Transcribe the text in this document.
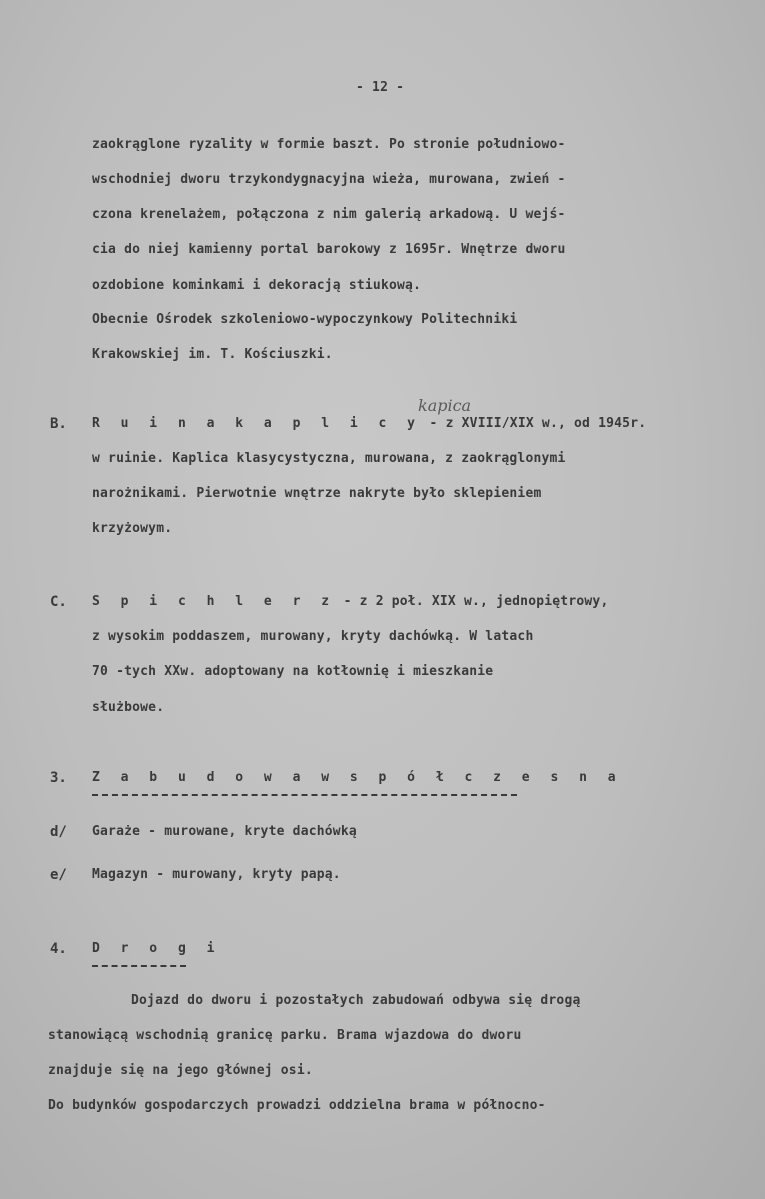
- 12 -
zaokrąglone ryzality w formie baszt. Po stronie południowo-
wschodniej dworu trzykondygnacyjna wieża, murowana, zwień -
czona krenelażem, połączona z nim galerią arkadową. U wejś-
cia do niej kamienny portal barokowy z 1695r. Wnętrze dworu
ozdobione kominkami i dekoracją stiukową.
Obecnie Ośrodek szkoleniowo-wypoczynkowy Politechniki
Krakowskiej im. T. Kościuszki.
B. R u i n a k a p l i c y - z XVIII/XIX w., od 1945r.
kapica
w ruinie. Kaplica klasycystyczna, murowana, z zaokrąglonymi
narożnikami. Pierwotnie wnętrze nakryte było sklepieniem
krzyżowym.
C. S p i c h l e r z - z 2 poł. XIX w., jednopiętrowy,
z wysokim poddaszem, murowany, kryty dachówką. W latach
70 -tych XXw. adoptowany na kotłownię i mieszkanie
służbowe.
3. Z a b u d o w a w s p ó ł c z e s n a
d/ Garaże - murowane, kryte dachówką
e/ Magazyn - murowany, kryty papą.
4. D r o g i
Dojazd do dworu i pozostałych zabudowań odbywa się drogą
stanowiącą wschodnią granicę parku. Brama wjazdowa do dworu
znajduje się na jego głównej osi.
Do budynków gospodarczych prowadzi oddzielna brama w północno-
